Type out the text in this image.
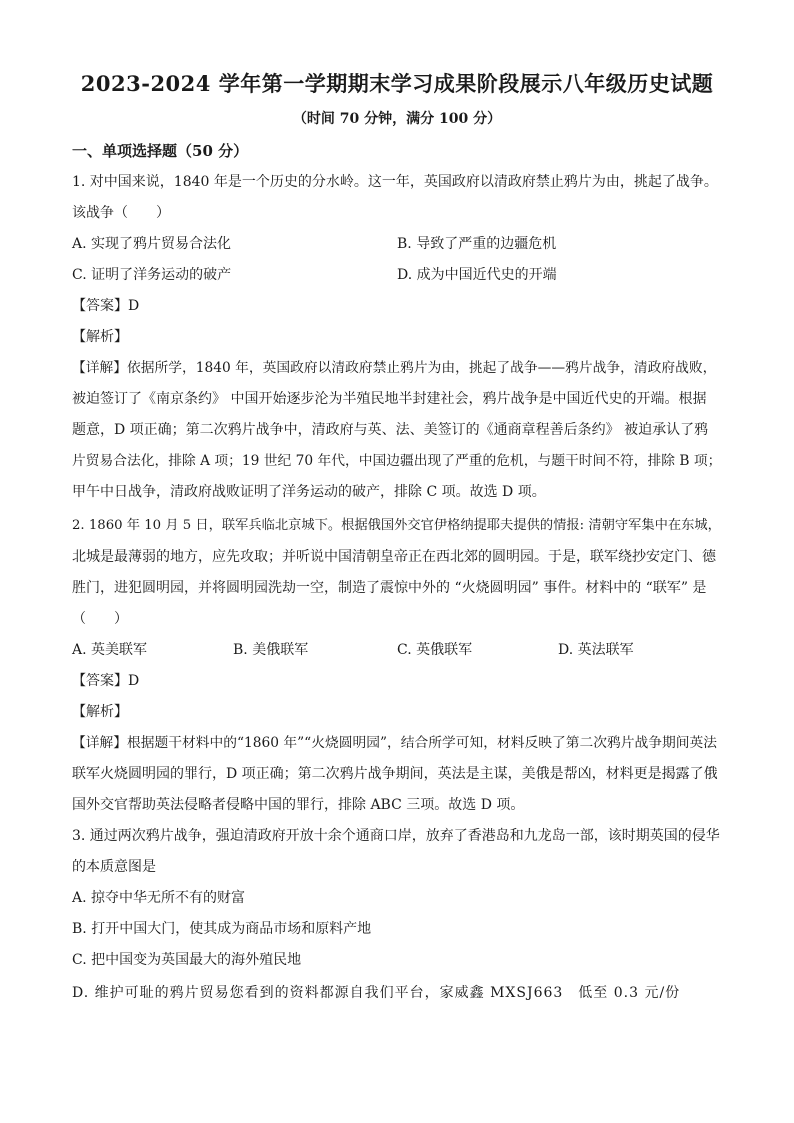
2023-2024 学年第一学期期末学习成果阶段展示八年级历史试题
（时间 70 分钟，满分 100 分）
一、单项选择题（50 分）
1. 对中国来说，1840 年是一个历史的分水岭。这一年，英国政府以清政府禁止鸦片为由，挑起了战争。
该战争（　　）
A. 实现了鸦片贸易合法化	B. 导致了严重的边疆危机
C. 证明了洋务运动的破产	D. 成为中国近代史的开端
【答案】D
【解析】
【详解】依据所学，1840 年，英国政府以清政府禁止鸦片为由，挑起了战争——鸦片战争，清政府战败，
被迫签订了《南京条约》 中国开始逐步沦为半殖民地半封建社会，鸦片战争是中国近代史的开端。根据
题意，D 项正确；第二次鸦片战争中，清政府与英、法、美签订的《通商章程善后条约》 被迫承认了鸦
片贸易合法化，排除 A 项；19 世纪 70 年代，中国边疆出现了严重的危机，与题干时间不符，排除 B 项；
甲午中日战争，清政府战败证明了洋务运动的破产，排除 C 项。故选 D 项。
2. 1860 年 10 月 5 日，联军兵临北京城下。根据俄国外交官伊格纳提耶夫提供的情报: 清朝守军集中在东城，
北城是最薄弱的地方，应先攻取；并听说中国清朝皇帝正在西北郊的圆明园。于是，联军绕抄安定门、德
胜门，进犯圆明园，并将圆明园洗劫一空，制造了震惊中外的 “火烧圆明园” 事件。材料中的 “联军” 是
（　　）
A. 英美联军	B. 美俄联军	C. 英俄联军	D. 英法联军
【答案】D
【解析】
【详解】根据题干材料中的“1860 年”“火烧圆明园”，结合所学可知，材料反映了第二次鸦片战争期间英法
联军火烧圆明园的罪行，D 项正确；第二次鸦片战争期间，英法是主谋，美俄是帮凶，材料更是揭露了俄
国外交官帮助英法侵略者侵略中国的罪行，排除 ABC 三项。故选 D 项。
3. 通过两次鸦片战争，强迫清政府开放十余个通商口岸，放弃了香港岛和九龙岛一部，该时期英国的侵华
的本质意图是
A. 掠夺中华无所不有的财富
B. 打开中国大门，使其成为商品市场和原料产地
C. 把中国变为英国最大的海外殖民地
D. 维护可耻的鸦片贸易您看到的资料都源自我们平台，家威鑫 MXSJ663　低至 0.3 元/份
